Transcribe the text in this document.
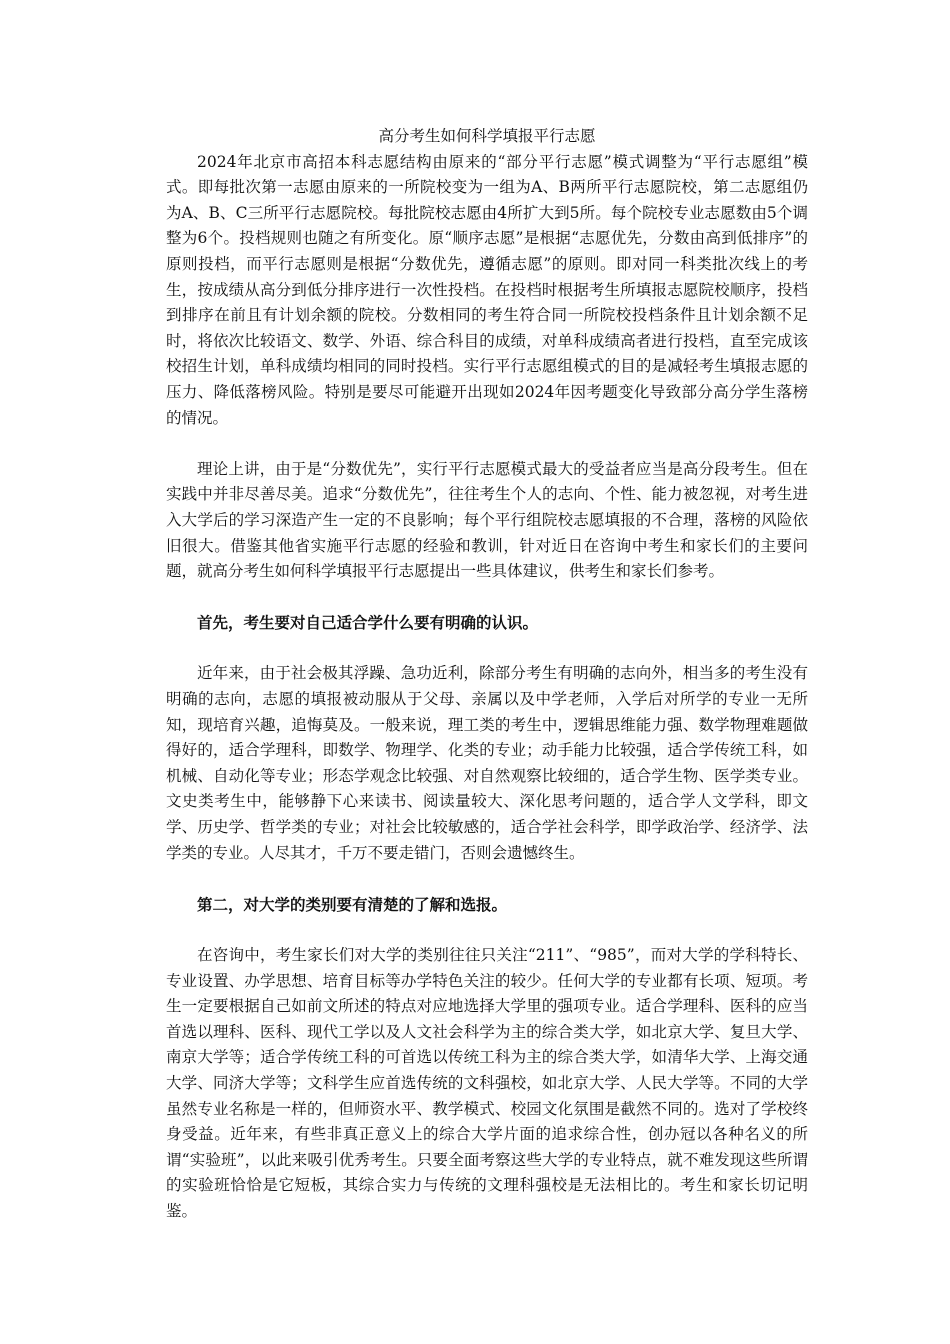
高分考生如何科学填报平行志愿

2024年北京市高招本科志愿结构由原来的“部分平行志愿”模式调整为“平行志愿组”模式。即每批次第一志愿由原来的一所院校变为一组为A、B两所平行志愿院校，第二志愿组仍为A、B、C三所平行志愿院校。每批院校志愿由4所扩大到5所。每个院校专业志愿数由5个调整为6个。投档规则也随之有所变化。原“顺序志愿”是根据“志愿优先，分数由高到低排序”的原则投档，而平行志愿则是根据“分数优先，遵循志愿”的原则。即对同一科类批次线上的考生，按成绩从高分到低分排序进行一次性投档。在投档时根据考生所填报志愿院校顺序，投档到排序在前且有计划余额的院校。分数相同的考生符合同一所院校投档条件且计划余额不足时，将依次比较语文、数学、外语、综合科目的成绩，对单科成绩高者进行投档，直至完成该校招生计划，单科成绩均相同的同时投档。实行平行志愿组模式的目的是减轻考生填报志愿的压力、降低落榜风险。特别是要尽可能避开出现如2024年因考题变化导致部分高分学生落榜的情况。

理论上讲，由于是“分数优先”，实行平行志愿模式最大的受益者应当是高分段考生。但在实践中并非尽善尽美。追求“分数优先”，往往考生个人的志向、个性、能力被忽视，对考生进入大学后的学习深造产生一定的不良影响；每个平行组院校志愿填报的不合理，落榜的风险依旧很大。借鉴其他省实施平行志愿的经验和教训，针对近日在咨询中考生和家长们的主要问题，就高分考生如何科学填报平行志愿提出一些具体建议，供考生和家长们参考。

首先，考生要对自己适合学什么要有明确的认识。

近年来，由于社会极其浮躁、急功近利，除部分考生有明确的志向外，相当多的考生没有明确的志向，志愿的填报被动服从于父母、亲属以及中学老师，入学后对所学的专业一无所知，现培育兴趣，追悔莫及。一般来说，理工类的考生中，逻辑思维能力强、数学物理难题做得好的，适合学理科，即数学、物理学、化类的专业；动手能力比较强，适合学传统工科，如机械、自动化等专业；形态学观念比较强、对自然观察比较细的，适合学生物、医学类专业。文史类考生中，能够静下心来读书、阅读量较大、深化思考问题的，适合学人文学科，即文学、历史学、哲学类的专业；对社会比较敏感的，适合学社会科学，即学政治学、经济学、法学类的专业。人尽其才，千万不要走错门，否则会遗憾终生。

第二，对大学的类别要有清楚的了解和选报。

在咨询中，考生家长们对大学的类别往往只关注“211”、“985”，而对大学的学科特长、专业设置、办学思想、培育目标等办学特色关注的较少。任何大学的专业都有长项、短项。考生一定要根据自己如前文所述的特点对应地选择大学里的强项专业。适合学理科、医科的应当首选以理科、医科、现代工学以及人文社会科学为主的综合类大学，如北京大学、复旦大学、南京大学等；适合学传统工科的可首选以传统工科为主的综合类大学，如清华大学、上海交通大学、同济大学等；文科学生应首选传统的文科强校，如北京大学、人民大学等。不同的大学虽然专业名称是一样的，但师资水平、教学模式、校园文化氛围是截然不同的。选对了学校终身受益。近年来，有些非真正意义上的综合大学片面的追求综合性，创办冠以各种名义的所谓“实验班”，以此来吸引优秀考生。只要全面考察这些大学的专业特点，就不难发现这些所谓的实验班恰恰是它短板，其综合实力与传统的文理科强校是无法相比的。考生和家长切记明鉴。
